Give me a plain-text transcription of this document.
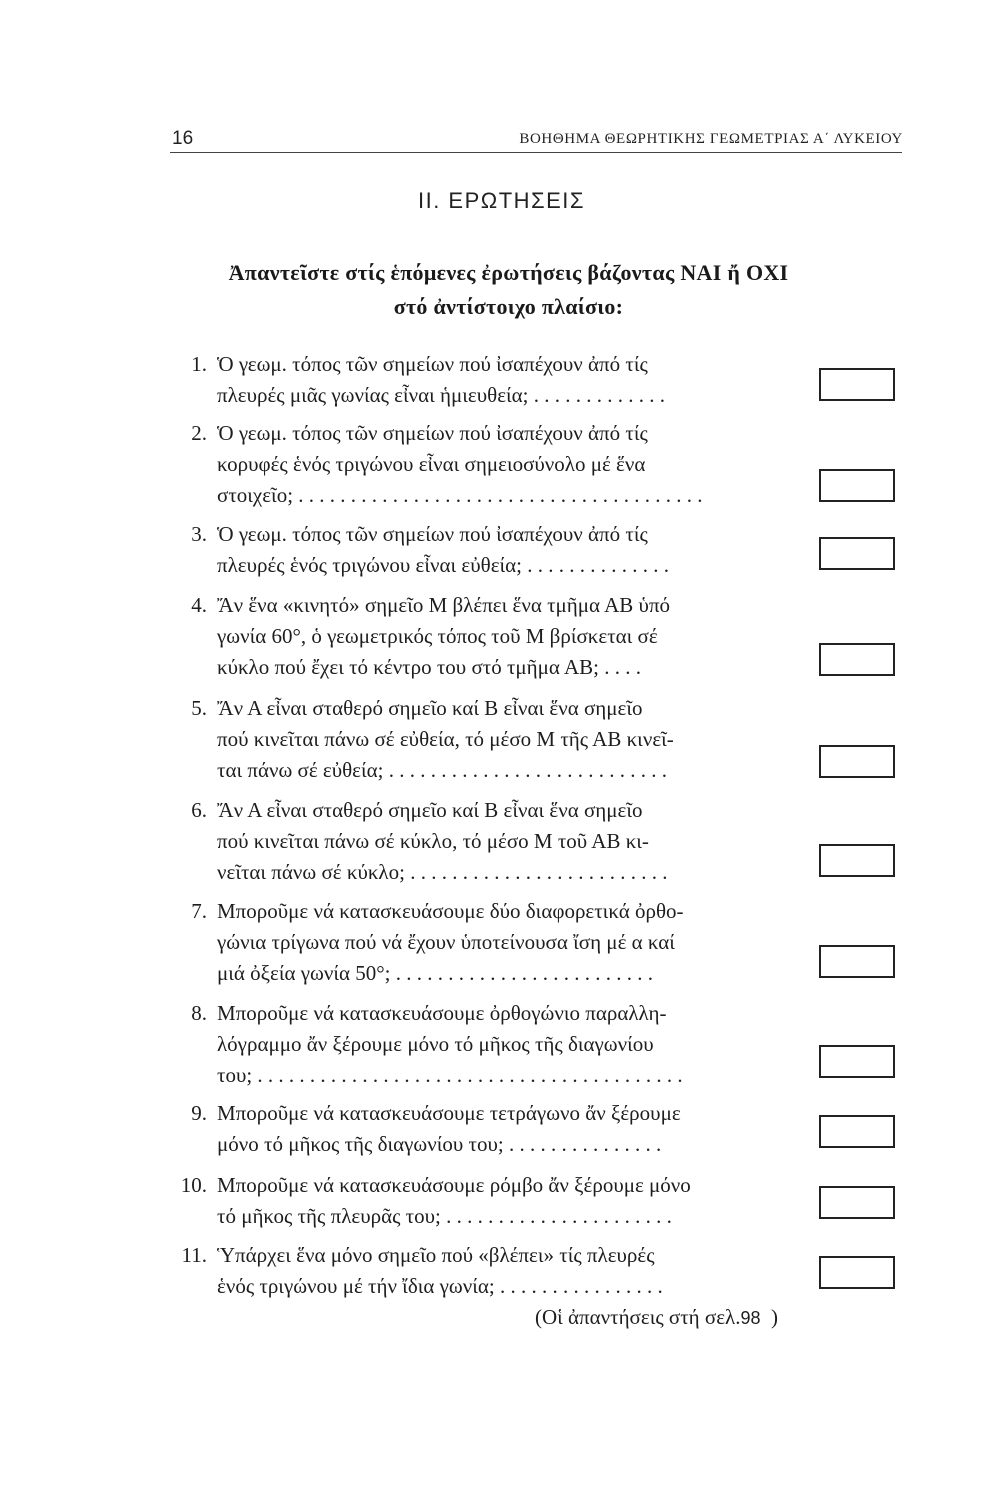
16	ΒΟΗΘΗΜΑ ΘΕΩΡΗΤΙΚΗΣ ΓΕΩΜΕΤΡΙΑΣ Α΄ ΛΥΚΕΙΟΥ
II. ΕΡΩΤΗΣΕΙΣ
Ἀπαντεῖστε στίς ἑπόμενες ἐρωτήσεις βάζοντας ΝΑΙ ἤ ΟΧΙ
στό ἀντίστοιχο πλαίσιο:
1. Ὁ γεωμ. τόπος τῶν σημείων πού ἰσαπέχουν ἀπό τίς
πλευρές μιᾶς γωνίας εἶναι ἡμιευθεία; . . . . . . . . . . . . .
2. Ὁ γεωμ. τόπος τῶν σημείων πού ἰσαπέχουν ἀπό τίς
κορυφές ἑνός τριγώνου εἶναι σημειοσύνολο μέ ἕνα
στοιχεῖο; . . . . . . . . . . . . . . . . . . . . . . . . . . . . . . . . . . . . . . .
3. Ὁ γεωμ. τόπος τῶν σημείων πού ἰσαπέχουν ἀπό τίς
πλευρές ἑνός τριγώνου εἶναι εὐθεία; . . . . . . . . . . . . . .
4. Ἄν ἕνα «κινητό» σημεῖο Μ βλέπει ἕνα τμῆμα ΑΒ ὑπό
γωνία 60°, ὁ γεωμετρικός τόπος τοῦ Μ βρίσκεται σέ
κύκλο πού ἔχει τό κέντρο του στό τμῆμα ΑΒ; . . . .
5. Ἄν Α εἶναι σταθερό σημεῖο καί Β εἶναι ἕνα σημεῖο
πού κινεῖται πάνω σέ εὐθεία, τό μέσο Μ τῆς ΑΒ κινεῖ-
ται πάνω σέ εὐθεία; . . . . . . . . . . . . . . . . . . . . . . . . . . .
6. Ἄν Α εἶναι σταθερό σημεῖο καί Β εἶναι ἕνα σημεῖο
πού κινεῖται πάνω σέ κύκλο, τό μέσο Μ τοῦ ΑΒ κι-
νεῖται πάνω σέ κύκλο; . . . . . . . . . . . . . . . . . . . . . . . . .
7. Μποροῦμε νά κατασκευάσουμε δύο διαφορετικά ὀρθο-
γώνια τρίγωνα πού νά ἔχουν ὑποτείνουσα ἴση μέ α καί
μιά ὀξεία γωνία 50°; . . . . . . . . . . . . . . . . . . . . . . . . .
8. Μποροῦμε νά κατασκευάσουμε ὀρθογώνιο παραλλη-
λόγραμμο ἄν ξέρουμε μόνο τό μῆκος τῆς διαγωνίου
του; . . . . . . . . . . . . . . . . . . . . . . . . . . . . . . . . . . . . . . . . .
9. Μποροῦμε νά κατασκευάσουμε τετράγωνο ἄν ξέρουμε
μόνο τό μῆκος τῆς διαγωνίου του; . . . . . . . . . . . . . . .
10. Μποροῦμε νά κατασκευάσουμε ρόμβο ἄν ξέρουμε μόνο
τό μῆκος τῆς πλευρᾶς του; . . . . . . . . . . . . . . . . . . . . . .
11. Ὑπάρχει ἕνα μόνο σημεῖο πού «βλέπει» τίς πλευρές
ἑνός τριγώνου μέ τήν ἴδια γωνία; . . . . . . . . . . . . . . . .
(Οἱ ἀπαντήσεις στή σελ.98 )
